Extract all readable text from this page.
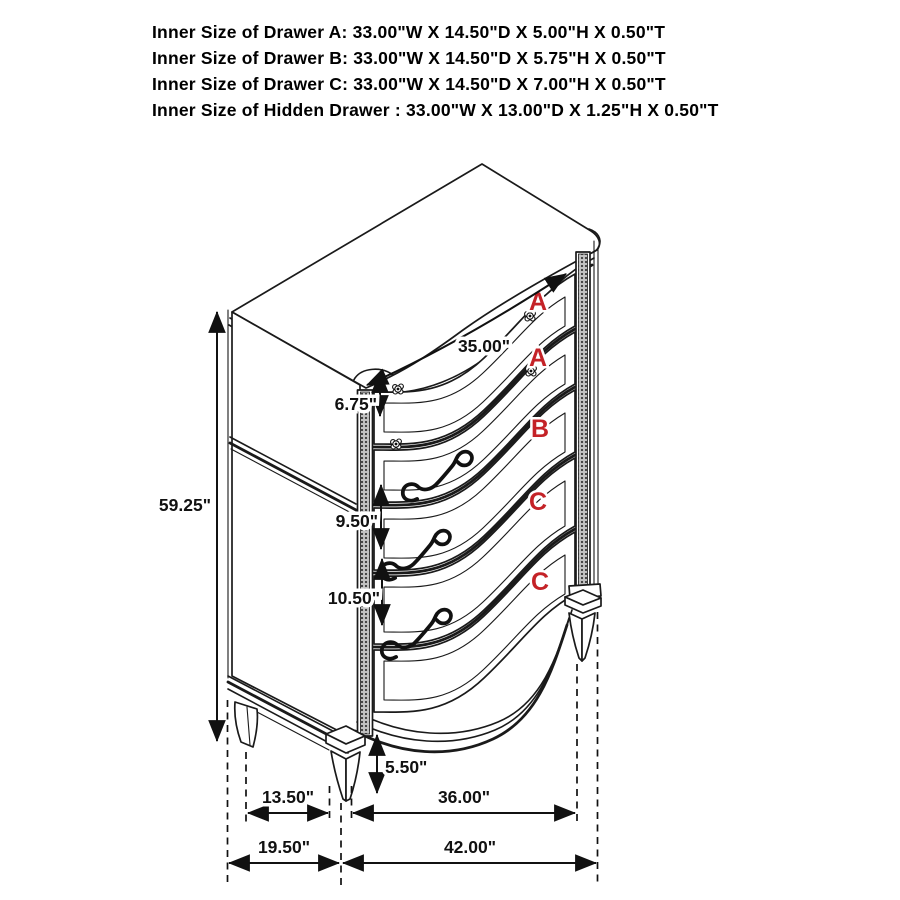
Inner Size of Drawer A: 33.00"W X 14.50"D X 5.00"H X 0.50"T

Inner Size of Drawer B: 33.00"W X 14.50"D X 5.75"H X 0.50"T

Inner Size of Drawer C: 33.00"W X 14.50"D X 7.00"H X 0.50"T

Inner Size of Hidden Drawer : 33.00"W X 13.00"D X 1.25"H X 0.50"T

A
A
B
C
C
59.25"
35.00"
6.75"
9.50"
10.50"
5.50"
13.50"	36.00"
19.50"	42.00"
